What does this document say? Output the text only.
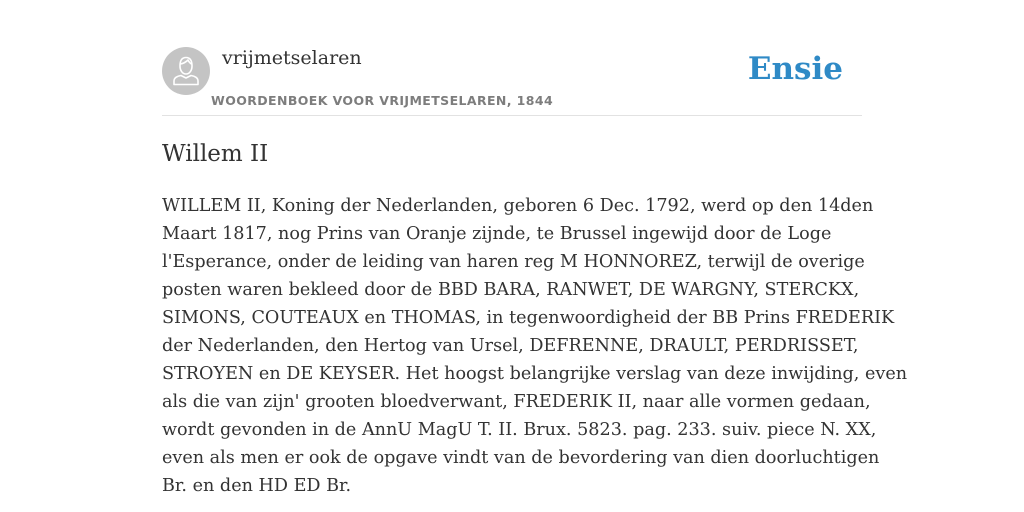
vrijmetselaren
WOORDENBOEK VOOR VRIJMETSELAREN, 1844
Ensie
Willem II
WILLEM II, Koning der Nederlanden, geboren 6 Dec. 1792, werd op den 14den
Maart 1817, nog Prins van Oranje zijnde, te Brussel ingewijd door de Loge
l'Esperance, onder de leiding van haren reg M HONNOREZ, terwijl de overige
posten waren bekleed door de BBD BARA, RANWET, DE WARGNY, STERCKX,
SIMONS, COUTEAUX en THOMAS, in tegenwoordigheid der BB Prins FREDERIK
der Nederlanden, den Hertog van Ursel, DEFRENNE, DRAULT, PERDRISSET,
STROYEN en DE KEYSER. Het hoogst belangrijke verslag van deze inwijding, even
als die van zijn' grooten bloedverwant, FREDERIK II, naar alle vormen gedaan,
wordt gevonden in de AnnU MagU T. II. Brux. 5823. pag. 233. suiv. piece N. XX,
even als men er ook de opgave vindt van de bevordering van dien doorluchtigen
Br. en den HD ED Br.
